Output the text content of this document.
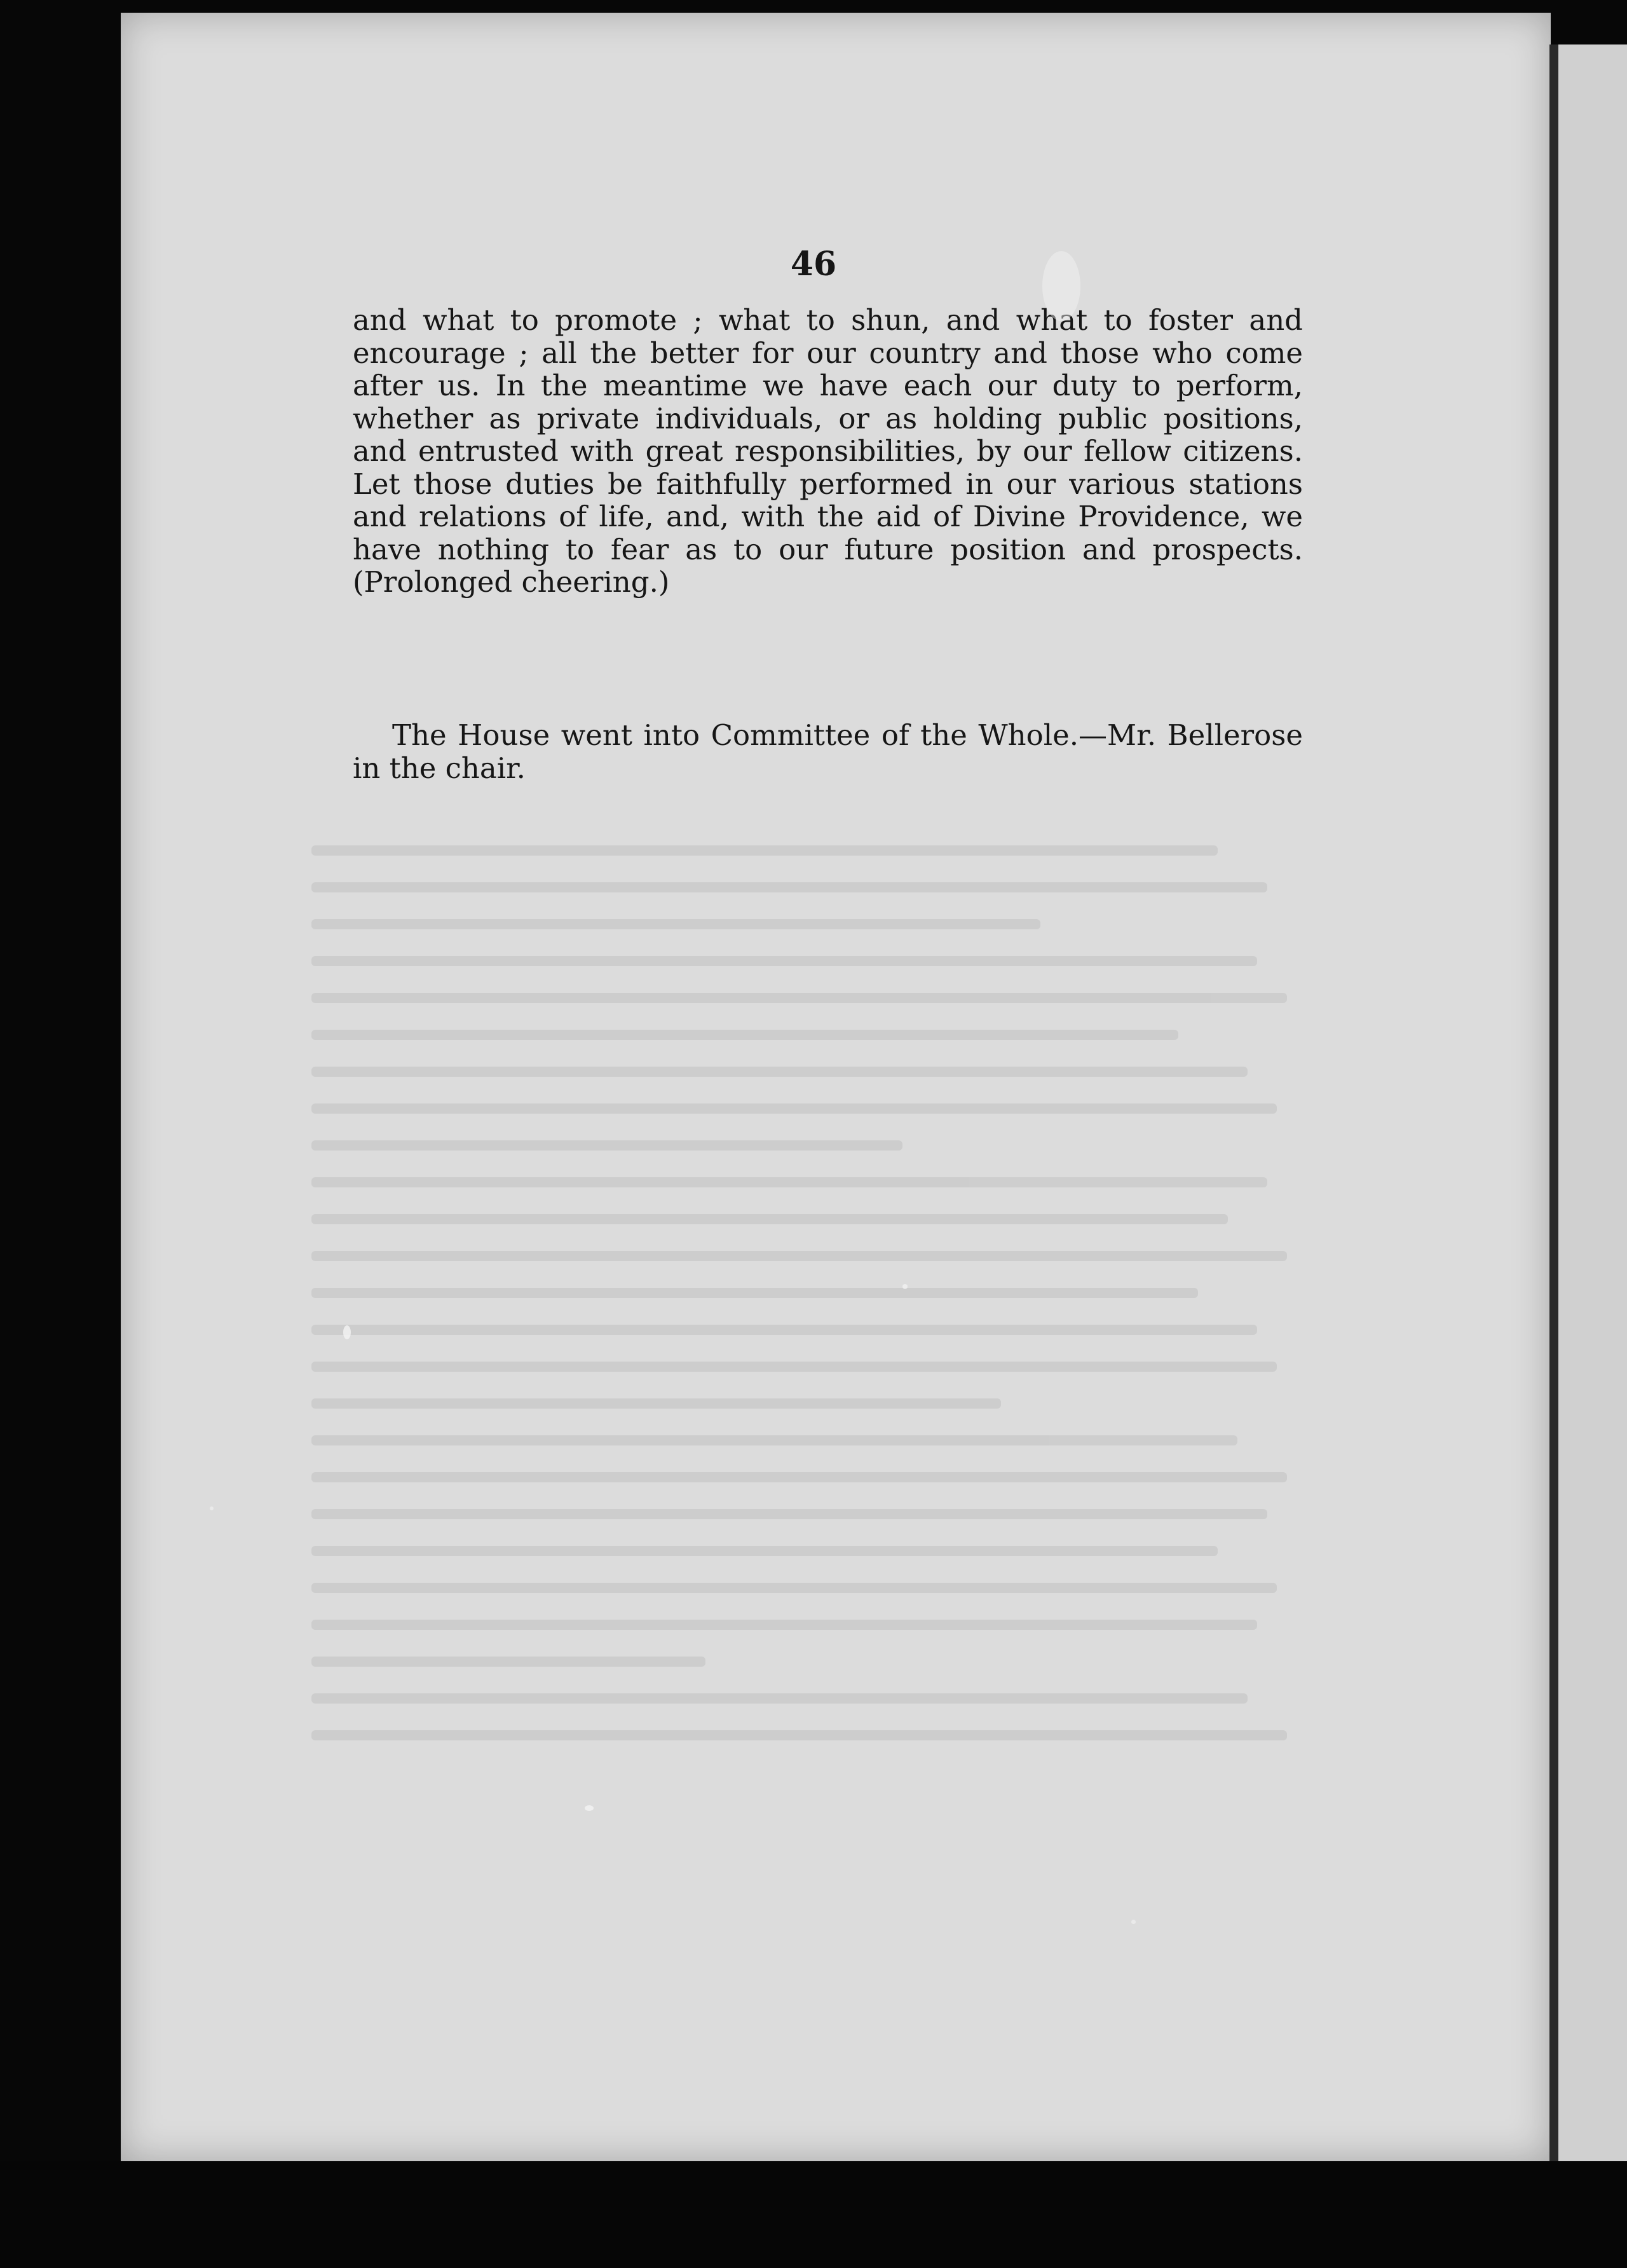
46

and what to promote ; what to shun, and what to foster and encourage ; all the better for our country and those who come after us. In the meantime we have each our duty to perform, whether as private individuals, or as holding public positions, and entrusted with great responsibilities, by our fellow citizens. Let those duties be faithfully performed in our various stations and relations of life, and, with the aid of Divine Providence, we have nothing to fear as to our future position and prospects. (Prolonged cheering.)

The House went into Committee of the Whole.—Mr. Bellerose in the chair.
